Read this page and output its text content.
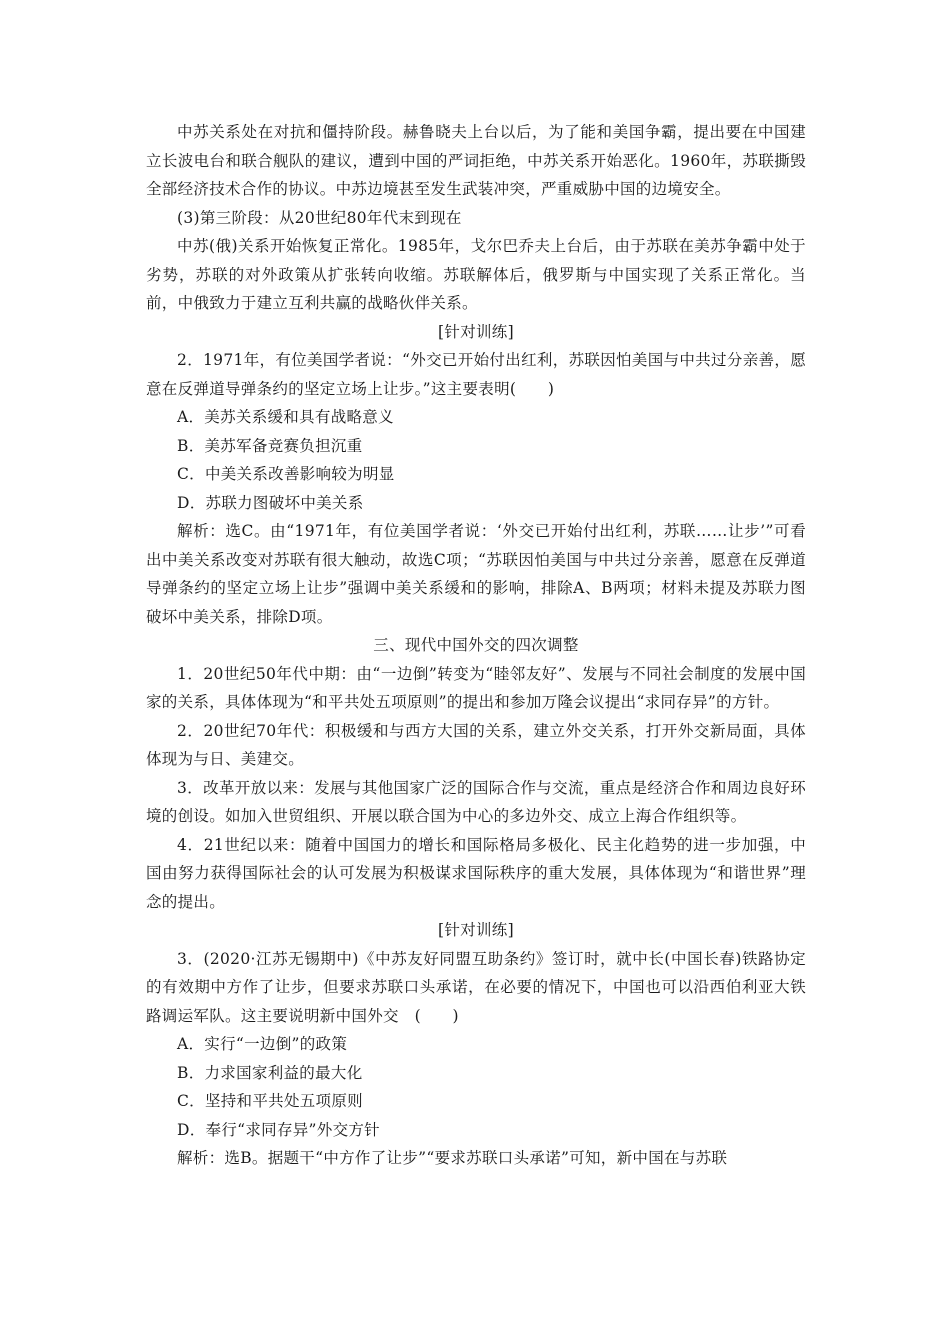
中苏关系处在对抗和僵持阶段。赫鲁晓夫上台以后，为了能和美国争霸，提出要在中国建立长波电台和联合舰队的建议，遭到中国的严词拒绝，中苏关系开始恶化。1960年，苏联撕毁全部经济技术合作的协议。中苏边境甚至发生武装冲突，严重威胁中国的边境安全。

(3)第三阶段：从20世纪80年代末到现在

中苏(俄)关系开始恢复正常化。1985年，戈尔巴乔夫上台后，由于苏联在美苏争霸中处于劣势，苏联的对外政策从扩张转向收缩。苏联解体后，俄罗斯与中国实现了关系正常化。当前，中俄致力于建立互利共赢的战略伙伴关系。

[针对训练]

2．1971年，有位美国学者说：“外交已开始付出红利，苏联因怕美国与中共过分亲善，愿意在反弹道导弹条约的坚定立场上让步。”这主要表明(　　)

A．美苏关系缓和具有战略意义

B．美苏军备竞赛负担沉重

C．中美关系改善影响较为明显

D．苏联力图破坏中美关系

解析：选C。由“1971年，有位美国学者说：‘外交已开始付出红利，苏联……让步’”可看出中美关系改变对苏联有很大触动，故选C项；“苏联因怕美国与中共过分亲善，愿意在反弹道导弹条约的坚定立场上让步”强调中美关系缓和的影响，排除A、B两项；材料未提及苏联力图破坏中美关系，排除D项。

三、现代中国外交的四次调整

1．20世纪50年代中期：由“一边倒”转变为“睦邻友好”、发展与不同社会制度的发展中国家的关系，具体体现为“和平共处五项原则”的提出和参加万隆会议提出“求同存异”的方针。

2．20世纪70年代：积极缓和与西方大国的关系，建立外交关系，打开外交新局面，具体体现为与日、美建交。

3．改革开放以来：发展与其他国家广泛的国际合作与交流，重点是经济合作和周边良好环境的创设。如加入世贸组织、开展以联合国为中心的多边外交、成立上海合作组织等。

4．21世纪以来：随着中国国力的增长和国际格局多极化、民主化趋势的进一步加强，中国由努力获得国际社会的认可发展为积极谋求国际秩序的重大发展，具体体现为“和谐世界”理念的提出。

[针对训练]

3．(2020·江苏无锡期中)《中苏友好同盟互助条约》签订时，就中长(中国长春)铁路协定的有效期中方作了让步，但要求苏联口头承诺，在必要的情况下，中国也可以沿西伯利亚大铁路调运军队。这主要说明新中国外交　(　　)

A．实行“一边倒”的政策

B．力求国家利益的最大化

C．坚持和平共处五项原则

D．奉行“求同存异”外交方针

解析：选B。据题干“中方作了让步”“要求苏联口头承诺”可知，新中国在与苏联
